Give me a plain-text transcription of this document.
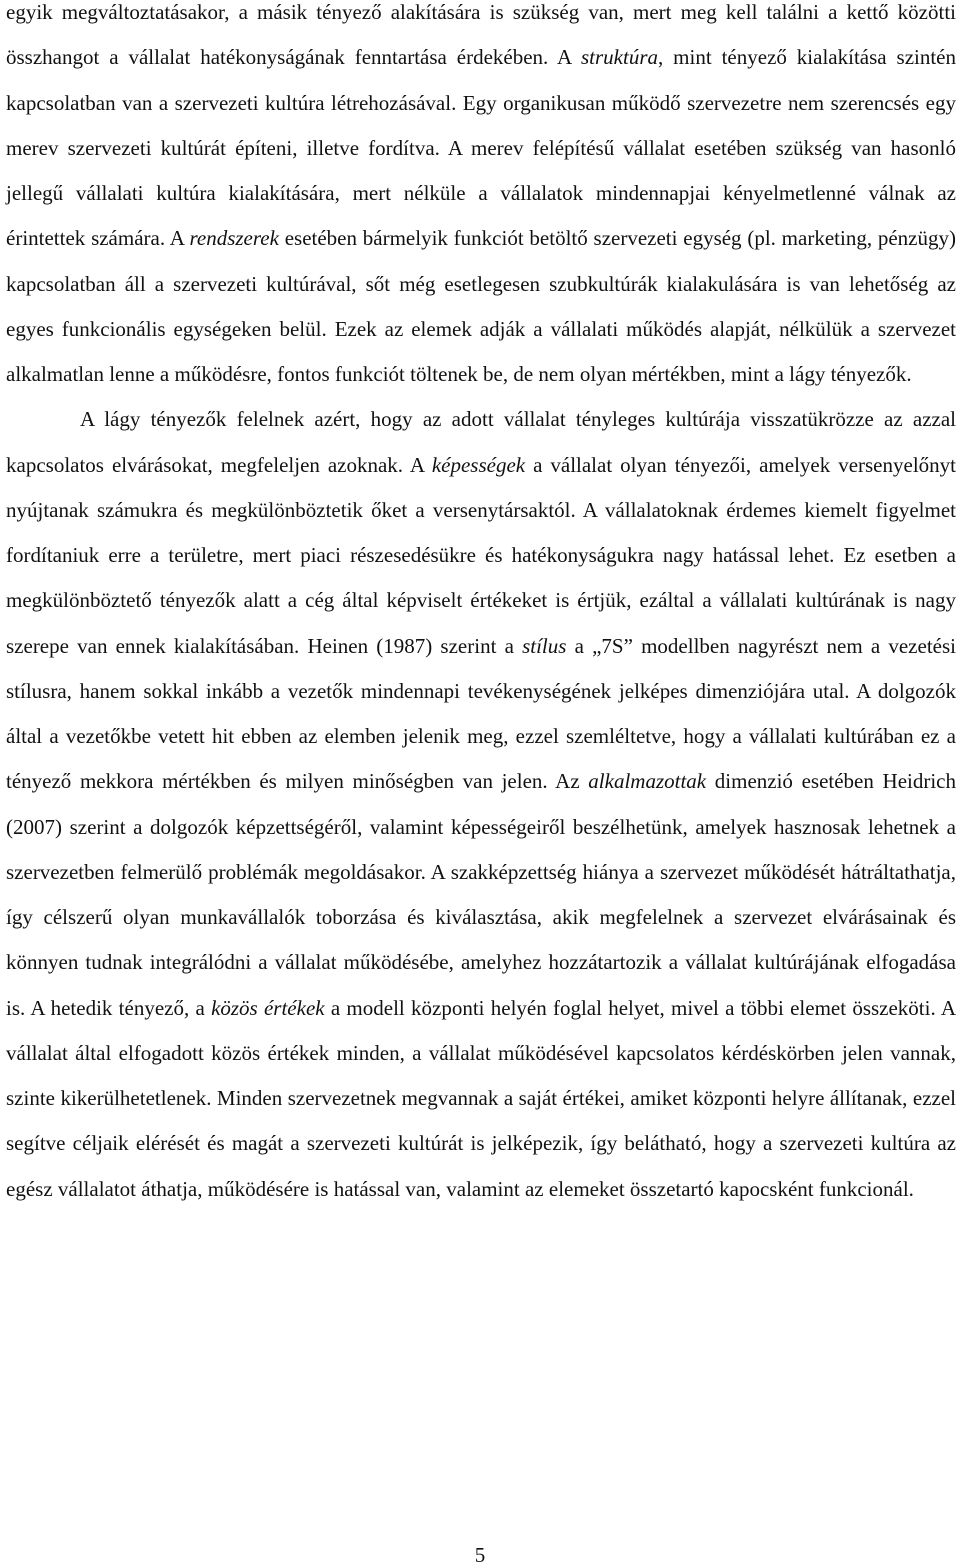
egyik megváltoztatásakor, a másik tényező alakítására is szükség van, mert meg kell találni a kettő közötti összhangot a vállalat hatékonyságának fenntartása érdekében. A struktúra, mint tényező kialakítása szintén kapcsolatban van a szervezeti kultúra létrehozásával. Egy organikusan működő szervezetre nem szerencsés egy merev szervezeti kultúrát építeni, illetve fordítva. A merev felépítésű vállalat esetében szükség van hasonló jellegű vállalati kultúra kialakítására, mert nélküle a vállalatok mindennapjai kényelmetlenné válnak az érintettek számára. A rendszerek esetében bármelyik funkciót betöltő szervezeti egység (pl. marketing, pénzügy) kapcsolatban áll a szervezeti kultúrával, sőt még esetlegesen szubkultúrák kialakulására is van lehetőség az egyes funkcionális egységeken belül. Ezek az elemek adják a vállalati működés alapját, nélkülük a szervezet alkalmatlan lenne a működésre, fontos funkciót töltenek be, de nem olyan mértékben, mint a lágy tényezők.

A lágy tényezők felelnek azért, hogy az adott vállalat tényleges kultúrája visszatükrözze az azzal kapcsolatos elvárásokat, megfeleljen azoknak. A képességek a vállalat olyan tényezői, amelyek versenyelőnyt nyújtanak számukra és megkülönböztetik őket a versenytársaktól. A vállalatoknak érdemes kiemelt figyelmet fordítaniuk erre a területre, mert piaci részesedésükre és hatékonyságukra nagy hatással lehet. Ez esetben a megkülönböztető tényezők alatt a cég által képviselt értékeket is értjük, ezáltal a vállalati kultúrának is nagy szerepe van ennek kialakításában. Heinen (1987) szerint a stílus a „7S” modellben nagyrészt nem a vezetési stílusra, hanem sokkal inkább a vezetők mindennapi tevékenységének jelképes dimenziójára utal. A dolgozók által a vezetőkbe vetett hit ebben az elemben jelenik meg, ezzel szemléltetve, hogy a vállalati kultúrában ez a tényező mekkora mértékben és milyen minőségben van jelen. Az alkalmazottak dimenzió esetében Heidrich (2007) szerint a dolgozók képzettségéről, valamint képességeiről beszélhetünk, amelyek hasznosak lehetnek a szervezetben felmerülő problémák megoldásakor. A szakképzettség hiánya a szervezet működését hátráltathatja, így célszerű olyan munkavállalók toborzása és kiválasztása, akik megfelelnek a szervezet elvárásainak és könnyen tudnak integrálódni a vállalat működésébe, amelyhez hozzátartozik a vállalat kultúrájának elfogadása is. A hetedik tényező, a közös értékek a modell központi helyén foglal helyet, mivel a többi elemet összeköti. A vállalat által elfogadott közös értékek minden, a vállalat működésével kapcsolatos kérdéskörben jelen vannak, szinte kikerülhetetlenek. Minden szervezetnek megvannak a saját értékei, amiket központi helyre állítanak, ezzel segítve céljaik elérését és magát a szervezeti kultúrát is jelképezik, így belátható, hogy a szervezeti kultúra az egész vállalatot áthatja, működésére is hatással van, valamint az elemeket összetartó kapocsként funkcionál.

5
